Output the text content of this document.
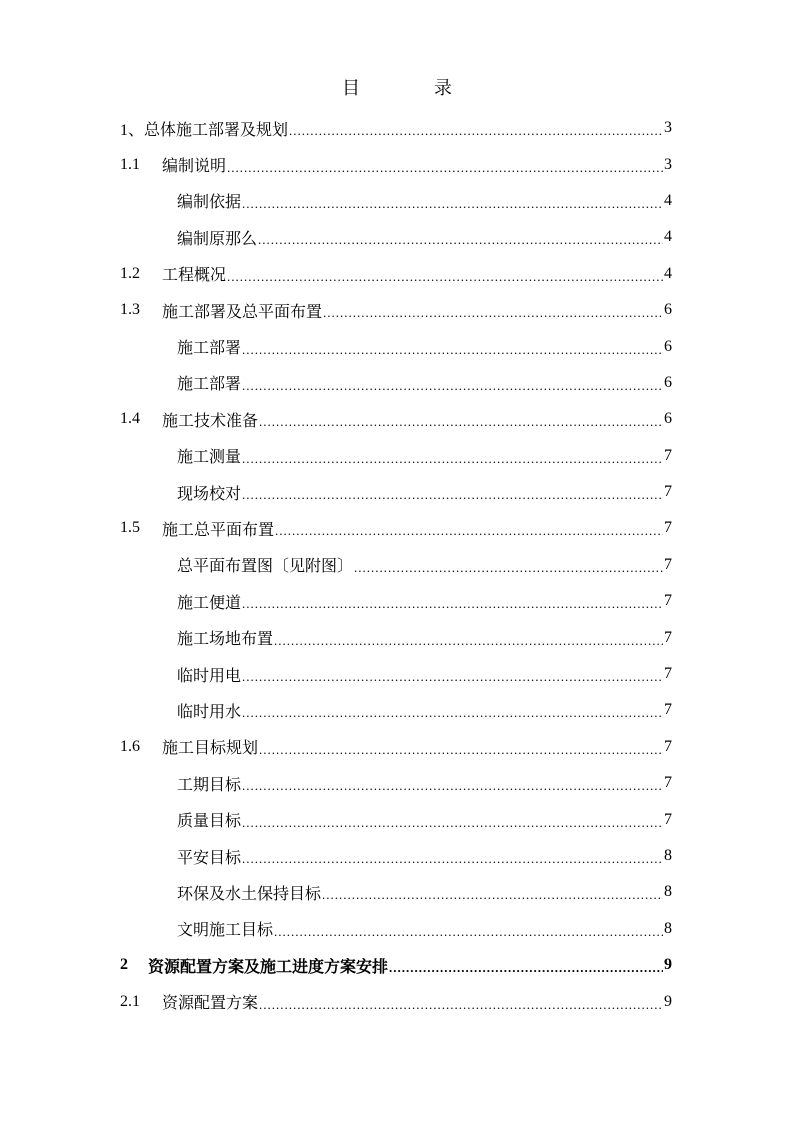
目　录
1、总体施工部署及规划 .....	3
1.1	编制说明 .....	3
编制依据 .....	4
编制原那么 .....	4
1.2	工程概况 .....	4
1.3	施工部署及总平面布置 .....	6
施工部署 .....	6
施工部署 .....	6
1.4	施工技术准备 .....	6
施工测量 .....	7
现场校对 .....	7
1.5	施工总平面布置 .....	7
总平面布置图〔见附图〕 .....	7
施工便道 .....	7
施工场地布置 .....	7
临时用电 .....	7
临时用水 .....	7
1.6	施工目标规划 .....	7
工期目标 .....	7
质量目标 .....	7
平安目标 .....	8
环保及水土保持目标 .....	8
文明施工目标 .....	8
2	资源配置方案及施工进度方案安排 .....	9
2.1	资源配置方案 .....	9
